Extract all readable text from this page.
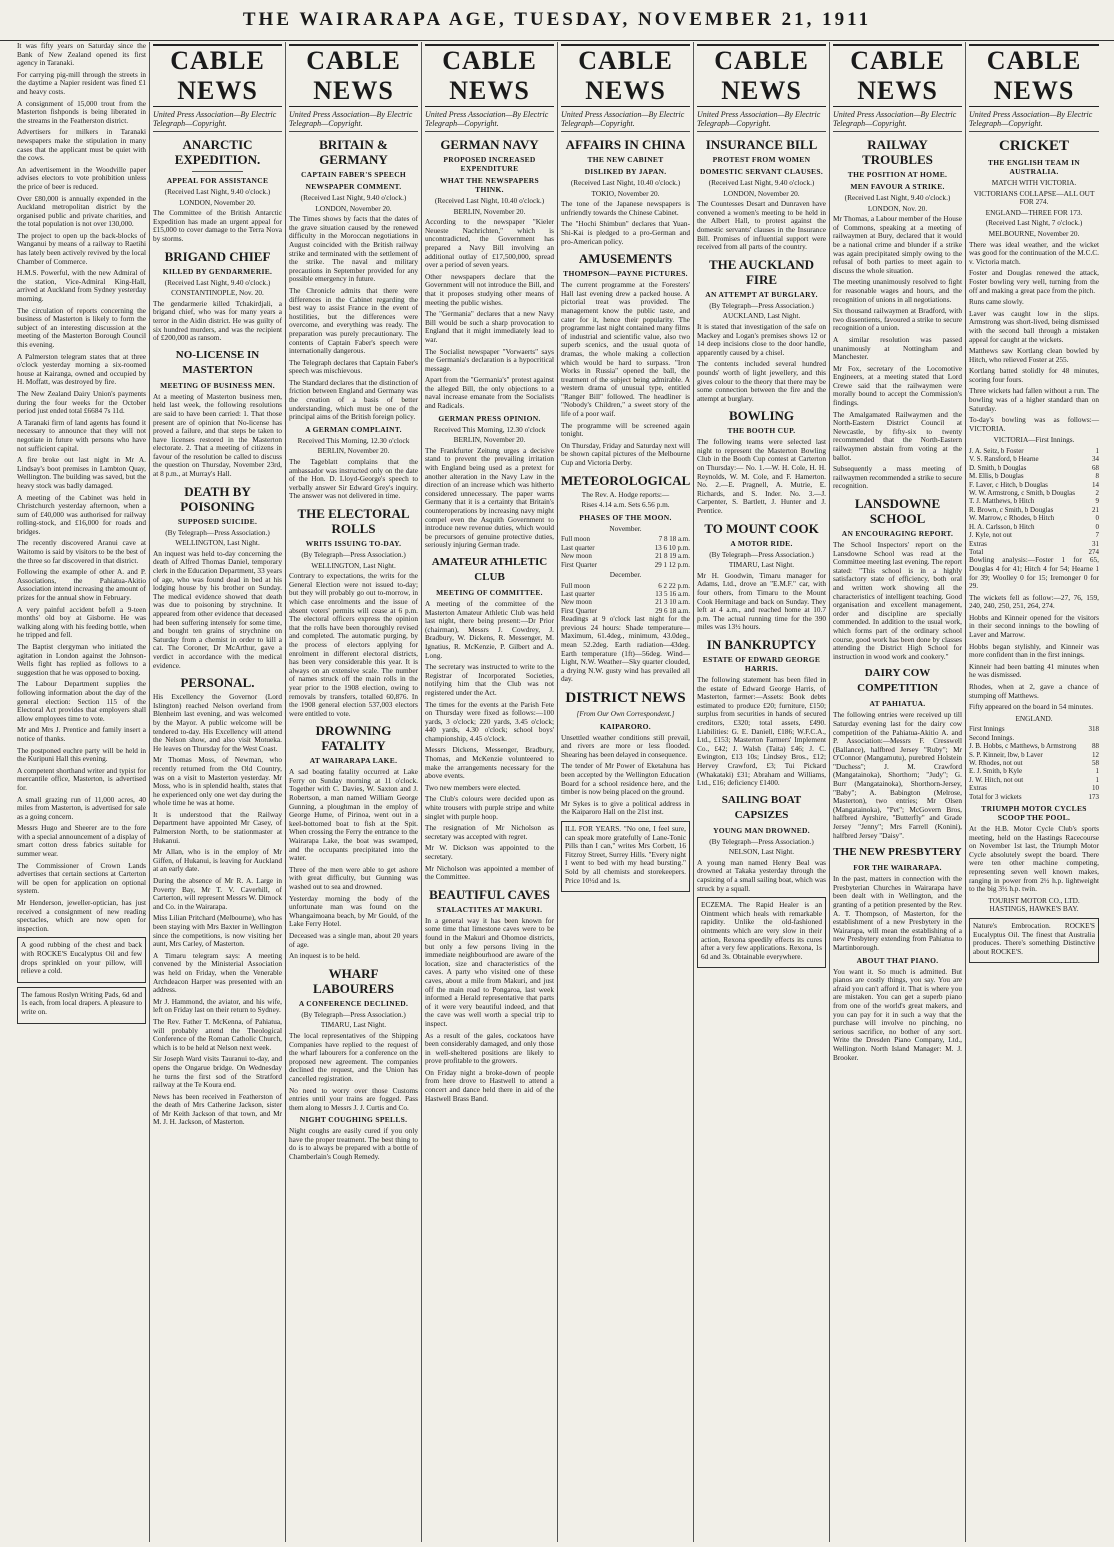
THE WAIRARAPA AGE, TUESDAY, NOVEMBER 21, 1911
It was fifty years on Saturday since the Bank of New Zealand opened its first agency in Taranaki.
For carrying pig-mill through the streets in the daytime a Napier resident was fined £1 and heavy costs.
A consignment of 15,000 trout from the Masterton fishponds is being liberated in the streams in the Featherston district.
Advertisers for milkers in Taranaki newspapers make the stipulation in many cases that the applicant must be quiet with the cows.
An advertisement in the Woodville paper advises electors to vote prohibition unless the price of beer is reduced.
Over £80,000 is annually expended in the Auckland metropolitan district by the organised public and private charities, and the total population is not over 130,000.
The project to open up the back-blocks of Wanganui by means of a railway to Raetihi has lately been actively revived by the local Chamber of Commerce.
H.M.S. Powerful, with the new Admiral of the station, Vice-Admiral King-Hall, arrived at Auckland from Sydney yesterday morning.
The circulation of reports concerning the business of Masterton is likely to form the subject of an interesting discussion at the meeting of the Masterton Borough Council this evening.
A Palmerston telegram states that at three o'clock yesterday morning a six-roomed house at Kairanga, owned and occupied by H. Moffatt, was destroyed by fire.
The New Zealand Dairy Union's payments during the four weeks for the October period just ended total £6684 7s 11d.
A Taranaki firm of land agents has found it necessary to announce that they will not negotiate in future with persons who have not sufficient capital.
A fire broke out last night in Mr A. Lindsay's boot premises in Lambton Quay, Wellington. The building was saved, but the heavy stock was badly damaged.
A meeting of the Cabinet was held in Christchurch yesterday afternoon, when a sum of £40,000 was authorised for railway rolling-stock, and £16,000 for roads and bridges.
The recently discovered Aranui cave at Waitomo is said by visitors to be the best of the three so far discovered in that district.
Following the example of other A. and P. Associations, the Pahiatua-Akitio Association intend increasing the amount of prizes for the annual show in February.
A very painful accident befell a 9-teen months' old boy at Gisborne. He was walking along with his feeding bottle, when he tripped and fell.
The Baptist clergyman who initiated the agitation in London against the Johnson-Wells fight has replied as follows to a suggestion that he was opposed to boxing.
The Labour Department supplies the following information about the day of the general election: Section 115 of the Electoral Act provides that employers shall allow employees time to vote.
Mr and Mrs J. Prentice and family insert a notice of thanks.
The postponed euchre party will be held in the Kuripuni Hall this evening.
A competent shorthand writer and typist for mercantile office, Masterton, is advertised for.
A small grazing run of 11,000 acres, 40 miles from Masterton, is advertised for sale as a going concern.
Messrs Hugo and Sheerer are to the fore with a special announcement of a display of smart cotton dress fabrics suitable for summer wear.
The Commissioner of Crown Lands advertises that certain sections at Carterton will be open for application on optional system.
Mr Henderson, jeweller-optician, has just received a consignment of new reading spectacles, which are now open for inspection.
A good rubbing of the chest and back with ROCKE'S Eucalyptus Oil and few drops sprinkled on your pillow, will relieve a cold.
The famous Roslyn Writing Pads, 6d and 1s each, from local drapers. A pleasure to write on.
CABLE NEWS
United Press Association—By Electric Telegraph—Copyright.
ANARCTIC EXPEDITION.
APPEAL FOR ASSISTANCE
(Received Last Night, 9.40 o'clock.)
LONDON, November 20.
The Committee of the British Antarctic Expedition has made an urgent appeal for £15,000 to cover damage to the Terra Nova by storms.
BRIGAND CHIEF
KILLED BY GENDARMERIE.
(Received Last Night, 9.40 o'clock.)
CONSTANTINOPLE, Nov. 20.
The gendarmerie killed Tchakirdjali, a brigand chief, who was for many years a terror in the Aidin district. He was guilty of six hundred murders, and was the recipient of £200,000 as ransom.
NO-LICENSE IN MASTERTON
MEETING OF BUSINESS MEN.
At a meeting of Masterton business men, held last week, the following resolutions are said to have been carried: 1. That those present are of opinion that No-license has proved a failure, and that steps be taken to have licenses restored in the Masterton electorate. 2. That a meeting of citizens in favour of the resolution be called to discuss the question on Thursday, November 23rd, at 8 p.m., at Murray's Hall.
DEATH BY POISONING
SUPPOSED SUICIDE.
(By Telegraph—Press Association.)
WELLINGTON, Last Night.
An inquest was held to-day concerning the death of Alfred Thomas Daniel, temporary clerk in the Education Department, 33 years of age, who was found dead in bed at his lodging house by his brother on Sunday. The medical evidence showed that death was due to poisoning by strychnine. It appeared from other evidence that deceased had been suffering intensely for some time, and bought ten grains of strychnine on Saturday from a chemist in order to kill a cat. The Coroner, Dr McArthur, gave a verdict in accordance with the medical evidence.
PERSONAL.
His Excellency the Governor (Lord Islington) reached Nelson overland from Blenheim last evening, and was welcomed by the Mayor. A public welcome will be tendered to-day. His Excellency will attend the Nelson show, and also visit Motueka. He leaves on Thursday for the West Coast.
Mr Thomas Moss, of Newman, who recently returned from the Old Country, was on a visit to Masterton yesterday. Mr Moss, who is in splendid health, states that he experienced only one wet day during the whole time he was at home.
It is understood that the Railway Department have appointed Mr Casey, of Palmerston North, to be stationmaster at Hukanui.
Mr Allan, who is in the employ of Mr Giffen, of Hukanui, is leaving for Auckland at an early date.
During the absence of Mr R. A. Large in Poverty Bay, Mr T. V. Caverhill, of Carterton, will represent Messrs W. Dimock and Co. in the Wairarapa.
Miss Lilian Pritchard (Melbourne), who has been staying with Mrs Baxter in Wellington since the competitions, is now visiting her aunt, Mrs Carley, of Masterton.
A Timaru telegram says: A meeting convened by the Ministerial Association was held on Friday, when the Venerable Archdeacon Harper was presented with an address.
Mr J. Hammond, the aviator, and his wife, left on Friday last on their return to Sydney.
The Rev. Father T. McKenna, of Pahiatua, will probably attend the Theological Conference of the Roman Catholic Church, which is to be held at Nelson next week.
Sir Joseph Ward visits Tauranui to-day, and opens the Ongarue bridge. On Wednesday he turns the first sod of the Stratford railway at the Te Koura end.
News has been received in Featherston of the death of Mrs Catherine Jackson, sister of Mr Keith Jackson of that town, and Mr M. J. H. Jackson, of Masterton.
CABLE NEWS
United Press Association—By Electric Telegraph—Copyright.
BRITAIN & GERMANY
CAPTAIN FABER'S SPEECH
NEWSPAPER COMMENT.
(Received Last Night, 9.40 o'clock.)
LONDON, November 20.
The Times shows by facts that the dates of the grave situation caused by the renewed difficulty in the Moroccan negotiations in August coincided with the British railway strike and terminated with the settlement of the strike. The naval and military precautions in September provided for any possible emergency in future.
The Chronicle admits that there were differences in the Cabinet regarding the best way to assist France in the event of hostilities, but the differences were overcome, and everything was ready. The preparation was purely precautionary. The contents of Captain Faber's speech were internationally dangerous.
The Telegraph declares that Captain Faber's speech was mischievous.
The Standard declares that the distinction of friction between England and Germany was the creation of a basis of better understanding, which must be one of the principal aims of the British foreign policy.
A GERMAN COMPLAINT.
Received This Morning, 12.30 o'clock
BERLIN, November 20.
The Tageblatt complains that the ambassador was instructed only on the date of the Hon. D. Lloyd-George's speech to verbally answer Sir Edward Grey's inquiry. The answer was not delivered in time.
THE ELECTORAL ROLLS
WRITS ISSUING TO-DAY.
(By Telegraph—Press Association.)
WELLINGTON, Last Night.
Contrary to expectations, the writs for the General Election were not issued to-day; but they will probably go out to-morrow, in which case enrolments and the issue of absent voters' permits will cease at 6 p.m. The electoral officers express the opinion that the rolls have been thoroughly revised and completed. The automatic purging, by the process of electors applying for enrolment in different electoral districts, has been very considerable this year. It is always on an extensive scale. The number of names struck off the main rolls in the year prior to the 1908 election, owing to removals by transfers, totalled 60,876. In the 1908 general election 537,003 electors were entitled to vote.
DROWNING FATALITY
AT WAIRARAPA LAKE.
A sad boating fatality occurred at Lake Ferry on Sunday morning at 11 o'clock. Together with C. Davies, W. Saxton and J. Robertson, a man named William George Gunning, a ploughman in the employ of George Hume, of Pirinoa, went out in a keel-bottomed boat to fish at the Spit. When crossing the Ferry the entrance to the Wairarapa Lake, the boat was swamped, and the occupants precipitated into the water.
Three of the men were able to get ashore with great difficulty, but Gunning was washed out to sea and drowned.
Yesterday morning the body of the unfortunate man was found on the Whangaimoana beach, by Mr Gould, of the Lake Ferry Hotel.
Deceased was a single man, about 20 years of age.
An inquest is to be held.
WHARF LABOURERS
A CONFERENCE DECLINED.
(By Telegraph—Press Association.)
TIMARU, Last Night.
The local representatives of the Shipping Companies have replied to the request of the wharf labourers for a conference on the proposed new agreement. The companies declined the request, and the Union has cancelled registration.
No need to worry over those Customs entries until your trains are fogged. Pass them along to Messrs J. J. Curtis and Co.
NIGHT COUGHING SPELLS.
Night coughs are easily cured if you only have the proper treatment. The best thing to do is to always be prepared with a bottle of Chamberlain's Cough Remedy.
CABLE NEWS
United Press Association—By Electric Telegraph—Copyright.
GERMAN NAVY
PROPOSED INCREASED EXPENDITURE
WHAT THE NEWSPAPERS THINK.
(Received Last Night, 10.40 o'clock.)
BERLIN, November 20.
According to the newspaper "Kieler Neueste Nachrichten," which is uncontradicted, the Government has prepared a Navy Bill involving an additional outlay of £17,500,000, spread over a period of seven years.
Other newspapers declare that the Government will not introduce the Bill, and that it proposes studying other means of meeting the public wishes.
The "Germania" declares that a new Navy Bill would be such a sharp provocation to England that it might immediately lead to war.
The Socialist newspaper "Vorwaerts" says the Germania's declaration is a hypocritical message.
Apart from the "Germania's" protest against the alleged Bill, the only objections to a naval increase emanate from the Socialists and Radicals.
GERMAN PRESS OPINION.
Received This Morning, 12.30 o'clock
BERLIN, November 20.
The Frankfurter Zeitung urges a decisive stand to prevent the prevailing irritation with England being used as a pretext for another alteration in the Navy Law in the direction of an increase which was hitherto considered unnecessary. The paper warns Germany that it is a certainty that Britain's counteroperations by increasing navy might compel even the Asquith Government to introduce new revenue duties, which would be precursors of genuine protective duties, seriously injuring German trade.
AMATEUR ATHLETIC CLUB
MEETING OF COMMITTEE.
A meeting of the committee of the Masterton Amateur Athletic Club was held last night, there being present:—Dr Prior (chairman), Messrs J. Cowdrey, J. Bradbury, W. Dickens, R. Messenger, M. Ignatius, R. McKenzie, P. Gilbert and A. Long.
The secretary was instructed to write to the Registrar of Incorporated Societies, notifying him that the Club was not registered under the Act.
The times for the events at the Parish Fete on Thursday were fixed as follows:—100 yards, 3 o'clock; 220 yards, 3.45 o'clock; 440 yards, 4.30 o'clock; school boys' championship, 4.45 o'clock.
Messrs Dickens, Messenger, Bradbury, Thomas, and McKenzie volunteered to make the arrangements necessary for the above events.
Two new members were elected.
The Club's colours were decided upon as white trousers with purple stripe and white singlet with purple hoop.
The resignation of Mr Nicholson as secretary was accepted with regret.
Mr W. Dickson was appointed to the secretary.
Mr Nicholson was appointed a member of the Committee.
BEAUTIFUL CAVES
STALACTITES AT MAKURI.
In a general way it has been known for some time that limestone caves were to be found in the Makuri and Ohomoe districts, but only a few persons living in the immediate neighbourhood are aware of the location, size and characteristics of the caves. A party who visited one of these caves, about a mile from Makuri, and just off the main road to Pongaroa, last week informed a Herald representative that parts of it were very beautiful indeed, and that the cave was well worth a special trip to inspect.
As a result of the gales, cockatoos have been considerably damaged, and only those in well-sheltered positions are likely to prove profitable to the growers.
On Friday night a broke-down of people from here drove to Hastwell to attend a concert and dance held there in aid of the Hastwell Brass Band.
CABLE NEWS
United Press Association—By Electric Telegraph—Copyright.
AFFAIRS IN CHINA
THE NEW CABINET
DISLIKED BY JAPAN.
(Received Last Night, 10.40 o'clock.)
TOKIO, November 20.
The tone of the Japanese newspapers is unfriendly towards the Chinese Cabinet.
The "Hochi Shimbun" declares that Yuan-Shi-Kai is pledged to a pro-German and pro-American policy.
AMUSEMENTS
THOMPSON—PAYNE PICTURES.
The current programme at the Foresters' Hall last evening drew a packed house. A pictorial treat was provided. The management know the public taste, and cater for it, hence their popularity. The programme last night contained many films of industrial and scientific value, also two superb scenics, and the usual quota of dramas, the whole making a collection which would be hard to surpass. "Iron Works in Russia" opened the ball, the treatment of the subject being admirable. A western drama of unusual type, entitled "Ranger Bill" followed. The headliner is "Nobody's Children," a sweet story of the life of a poor waif.
The programme will be screened again tonight.
On Thursday, Friday and Saturday next will be shown capital pictures of the Melbourne Cup and Victoria Derby.
METEOROLOGICAL
The Rev. A. Hodge reports:—
Rises 4.14 a.m. Sets 6.56 p.m.
PHASES OF THE MOON.
November.
Full moon	7 8 18 a.m.
Last quarter	13 6 10 p.m.
New moon	21 8 19 a.m.
First Quarter	29 1 12 p.m.
December.
Full moon	6 2 22 p.m.
Last quarter	13 5 16 a.m.
New moon	21 3 10 a.m.
First Quarter	29 6 18 a.m.
Readings at 9 o'clock last night for the previous 24 hours: Shade temperature—Maximum, 61.4deg., minimum, 43.0deg., mean 52.2deg. Earth radiation—43deg. Earth temperature (1ft)—56deg. Wind—Light, N.W. Weather—Sky quarter clouded, a drying N.W. gusty wind has prevailed all day.
DISTRICT NEWS
[From Our Own Correspondent.]
KAIPARORO.
Unsettled weather conditions still prevail, and rivers are more or less flooded. Shearing has been delayed in consequence.
The tender of Mr Power of Eketahuna has been accepted by the Wellington Education Board for a school residence here, and the timber is now being placed on the ground.
Mr Sykes is to give a political address in the Kaiparoro Hall on the 21st inst.
ILL FOR YEARS. "No one, I feel sure, can speak more gratefully of Lane-Tonic Pills than I can," writes Mrs Corbett, 16 Fitzroy Street, Surrey Hills. "Every night I went to bed with my head bursting." Sold by all chemists and storekeepers. Price 10½d and 1s.
CABLE NEWS
United Press Association—By Electric Telegraph—Copyright.
INSURANCE BILL
PROTEST FROM WOMEN
DOMESTIC SERVANT CLAUSES.
(Received Last Night, 9.40 o'clock.)
LONDON, November 20.
The Countesses Desart and Dunraven have convened a women's meeting to be held in the Albert Hall, to protest against the domestic servants' clauses in the Insurance Bill. Promises of influential support were received from all parts of the country.
THE AUCKLAND FIRE
AN ATTEMPT AT BURGLARY.
(By Telegraph—Press Association.)
AUCKLAND, Last Night.
It is stated that investigation of the safe on Mackey and Logan's premises shows 12 or 14 deep incisions close to the door handle, apparently caused by a chisel.
The contents included several hundred pounds' worth of light jewellery, and this gives colour to the theory that there may be some connection between the fire and the attempt at burglary.
BOWLING
THE BOOTH CUP.
The following teams were selected last night to represent the Masterton Bowling Club in the Booth Cup contest at Carterton on Thursday:— No. 1.—W. H. Cole, H. H. Reynolds, W. M. Cole, and F. Hamerton. No. 2.—E. Pragnell, A. Mutrie, E. Richards, and S. Inder. No. 3.—J. Carpenter, S. Bartlett, J. Hunter and J. Prentice.
TO MOUNT COOK
A MOTOR RIDE.
(By Telegraph—Press Association.)
TIMARU, Last Night.
Mr H. Goodwin, Timaru manager for Adams, Ltd., drove an "E.M.F." car, with four others, from Timaru to the Mount Cook Hermitage and back on Sunday. They left at 4 a.m., and reached home at 10.7 p.m. The actual running time for the 390 miles was 13½ hours.
IN BANKRUPTCY
ESTATE OF EDWARD GEORGE HARRIS.
The following statement has been filed in the estate of Edward George Harris, of Masterton, farmer:—Assets: Book debts estimated to produce £20; furniture, £150; surplus from securities in hands of secured creditors, £320; total assets, £490. Liabilities: G. E. Daniell, £186; W.F.C.A., Ltd., £153; Masterton Farmers' Implement Co., £42; J. Walsh (Taita) £46; J. C. Ewington, £13 10s; Lindsey Bros., £12; Hervey Crawford, £3; Tui Pickard (Whakataki) £31; Abraham and Williams, Ltd., £16; deficiency £1400.
SAILING BOAT CAPSIZES
YOUNG MAN DROWNED.
(By Telegraph—Press Association.)
NELSON, Last Night.
A young man named Henry Beal was drowned at Takaka yesterday through the capsizing of a small sailing boat, which was struck by a squall.
ECZEMA. The Rapid Healer is an Ointment which heals with remarkable rapidity. Unlike the old-fashioned ointments which are very slow in their action, Rexona speedily effects its cures after a very few applications. Rexona, 1s 6d and 3s. Obtainable everywhere.
CABLE NEWS
United Press Association—By Electric Telegraph—Copyright.
RAILWAY TROUBLES
THE POSITION AT HOME.
MEN FAVOUR A STRIKE.
(Received Last Night, 9.40 o'clock.)
LONDON, Nov. 20.
Mr Thomas, a Labour member of the House of Commons, speaking at a meeting of railwaymen at Bury, declared that it would be a national crime and blunder if a strike was again precipitated simply owing to the refusal of both parties to meet again to discuss the whole situation.
The meeting unanimously resolved to fight for reasonable wages and hours, and the recognition of unions in all negotiations.
Six thousand railwaymen at Bradford, with two dissentients, favoured a strike to secure recognition of a union.
A similar resolution was passed unanimously at Nottingham and Manchester.
Mr Fox, secretary of the Locomotive Engineers, at a meeting stated that Lord Crewe said that the railwaymen were morally bound to accept the Commission's findings.
The Amalgamated Railwaymen and the North-Eastern District Council at Newcastle, by fifty-six to twenty recommended that the North-Eastern railwaymen abstain from voting at the ballot.
Subsequently a mass meeting of railwaymen recommended a strike to secure recognition.
LANSDOWNE SCHOOL
AN ENCOURAGING REPORT.
The School Inspectors' report on the Lansdowne School was read at the Committee meeting last evening. The report stated: "This school is in a highly satisfactory state of efficiency, both oral and written work showing all the characteristics of intelligent teaching. Good organisation and excellent management, order and discipline are specially commended. In addition to the usual work, which forms part of the ordinary school course, good work has been done by classes attending the District High School for instruction in wood work and cookery."
DAIRY COW COMPETITION
AT PAHIATUA.
The following entries were received up till Saturday evening last for the dairy cow competition of the Pahiatua-Akitio A. and P. Association:—Messrs F. Cresswell (Ballance), halfbred Jersey "Ruby"; Mr O'Connor (Mangamutu), purebred Holstein "Duchess"; J. M. Crawford (Mangatainoka), Shorthorn; "Judy"; G. Burr (Mangatainoka), Shorthorn-Jersey, "Baby"; A. Babington (Melrose, Masterton), two entries; Mr Olsen (Mangatainoka), "Pet"; McGovern Bros, halfbred Ayrshire, "Butterfly" and Grade Jersey "Jenny"; Mrs Farrell (Konini), halfbred Jersey "Daisy".
THE NEW PRESBYTERY
FOR THE WAIRARAPA.
In the past, matters in connection with the Presbyterian Churches in Wairarapa have been dealt with in Wellington, and the granting of a petition presented by the Rev. A. T. Thompson, of Masterton, for the establishment of a new Presbytery in the Wairarapa, will mean the establishing of a new Presbytery extending from Pahiatua to Martinborough.
ABOUT THAT PIANO.
You want it. So much is admitted. But pianos are costly things, you say. You are afraid you can't afford it. That is where you are mistaken. You can get a superb piano from one of the world's great makers, and you can pay for it in such a way that the purchase will involve no pinching, no serious sacrifice, no bother of any sort. Write the Dresden Piano Company, Ltd., Wellington. North Island Manager: M. J. Brooker.
CABLE NEWS
United Press Association—By Electric Telegraph—Copyright.
CRICKET
THE ENGLISH TEAM IN AUSTRALIA.
MATCH WITH VICTORIA.
VICTORIANS COLLAPSE—ALL OUT FOR 274.
ENGLAND—THREE FOR 173.
(Received Last Night, 7 o'clock.)
MELBOURNE, November 20.
There was ideal weather, and the wicket was good for the continuation of the M.C.C. v. Victoria match.
Foster and Douglas renewed the attack, Foster bowling very well, turning from the off and making a great pace from the pitch.
Runs came slowly.
Laver was caught low in the slips. Armstrong was short-lived, being dismissed with the second ball through a mistaken appeal for caught at the wickets.
Matthews saw Kortlang clean bowled by Hitch, who relieved Foster at 255.
Kortlang batted stolidly for 48 minutes, scoring four fours.
Three wickets had fallen without a run. The bowling was of a higher standard than on Saturday.
To-day's bowling was as follows:— VICTORIA.
VICTORIA—First Innings.
J. A. Seitz, b Foster	1
V. S. Ransford, b Hearne	34
D. Smith, b Douglas	68
M. Ellis, b Douglas	8
F. Laver, c Hitch, b Douglas	14
W. W. Armstrong, c Smith, b Douglas	2
T. J. Matthews, b Hitch	9
R. Brown, c Smith, b Douglas	21
W. Marrow, c Rhodes, b Hitch	0
H. A. Carlsson, b Hitch	0
J. Kyle, not out	7
Extras	31
Total	274
Bowling analysis:—Foster 1 for 65, Douglas 4 for 41; Hitch 4 for 54; Hearne 1 for 39; Woolley 0 for 15; Iremonger 0 for 29.
The wickets fell as follow:—27, 76, 159, 240, 240, 250, 251, 264, 274.
Hobbs and Kinneir opened for the visitors in their second innings to the bowling of Laver and Marrow.
Hobbs began stylishly, and Kinneir was more confident than in the first innings.
Kinneir had been batting 41 minutes when he was dismissed.
Rhodes, when at 2, gave a chance of stumping off Matthews.
Fifty appeared on the board in 54 minutes.
ENGLAND.
First Innings	318
Second Innings.	
J. B. Hobbs, c Matthews, b Armstrong	88
S. P. Kinneir, lbw, b Laver	12
W. Rhodes, not out	58
E. J. Smith, b Kyle	1
J. W. Hitch, not out	1
Extras	10
Total for 3 wickets	173
TRIUMPH MOTOR CYCLES SCOOP THE POOL.
At the H.B. Motor Cycle Club's sports meeting, held on the Hastings Racecourse on November 1st last, the Triumph Motor Cycle absolutely swept the board. There were ten other machine competing, representing seven well known makes, ranging in power from 2½ h.p. lightweight to the big 3½ h.p. twin.
TOURIST MOTOR CO., LTD. HASTINGS, HAWKE'S BAY.
Nature's Embrocation. ROCKE'S Eucalyptus Oil. The finest that Australia produces. There's something Distinctive about ROCKE'S.
